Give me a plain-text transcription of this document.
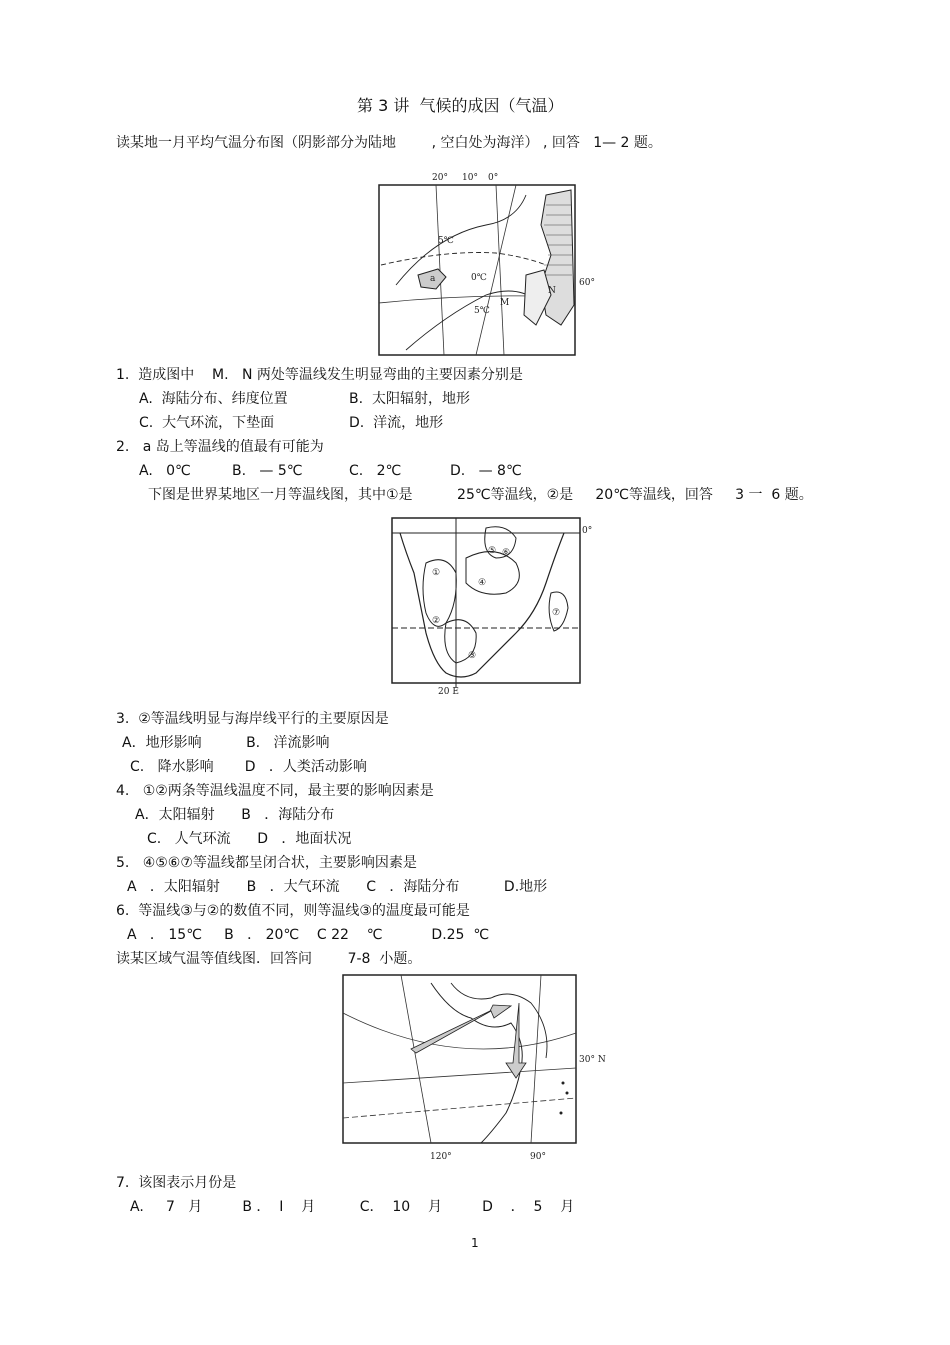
第 3 讲  气候的成因（气温）
读某地一月平均气温分布图（阴影部分为陆地        , 空白处为海洋） , 回答   1— 2 题。
a
20° 10° 0°
5℃
0℃
5℃
60°
M
N
1.  造成图中    M.   N 两处等温线发生明显弯曲的主要因素分别是
A.  海陆分布、纬度位置	B.  太阳辐射，地形
C.  大气环流，下垫面	D.  洋流，地形
2.   a 岛上等温线的值最有可能为
A.   0℃	B.   — 5℃	C.   2℃	D.   — 8℃
下图是世界某地区一月等温线图，其中①是          25℃等温线，②是     20℃等温线，回答     3 一  6 题。
①
②
③
④
⑤ ⑥
⑦
20 E
0°
3.  ②等温线明显与海岸线平行的主要原因是
A．地形影响          B.   洋流影响
C.   降水影响       D   ．人类活动影响
4.   ①②两条等温线温度不同，最主要的影响因素是
A．太阳辐射      B   ．海陆分布
C.   人气环流      D   ．地面状况
5.   ④⑤⑥⑦等温线都呈闭合状，主要影响因素是
A   ．太阳辐射      B   ．大气环流      C   ．海陆分布          D.地形
6.  等温线③与②的数值不同，则等温线③的温度最可能是
A   ． 15℃     B   ． 20℃    C 22    ℃           D.25  ℃
读某区域气温等值线图．回答问        7-8  小题。
30° N
120°	90°
7.  该图表示月份是
A.     7   月         B ．  I    月          C．  10    月         D    ．  5    月
1
